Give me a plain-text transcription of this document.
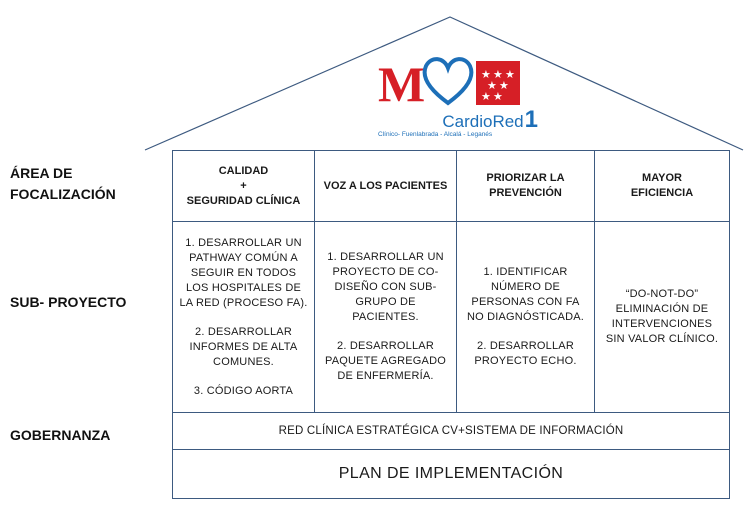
M	★ ★ ★
★ ★
★ ★
CardioRed 1
Clínico- Fuenlabrada - Alcalá - Leganés
ÁREA DE
FOCALIZACIÓN
SUB- PROYECTO
GOBERNANZA
CALIDAD
+
SEGURIDAD CLÍNICA
VOZ A LOS PACIENTES
PRIORIZAR LA
PREVENCIÓN
MAYOR
EFICIENCIA

1. DESARROLLAR UN PATHWAY COMÚN A SEGUIR EN TODOS LOS HOSPITALES DE LA RED (PROCESO FA).

2. DESARROLLAR INFORMES DE ALTA COMUNES.

3. CÓDIGO AORTA

1. DESARROLLAR UN PROYECTO DE CO-DISEÑO CON SUB-GRUPO DE PACIENTES.

2. DESARROLLAR PAQUETE AGREGADO DE ENFERMERÍA.

1. IDENTIFICAR NÚMERO DE PERSONAS CON FA NO DIAGNÓSTICADA.

2. DESARROLLAR PROYECTO ECHO.

“DO-NOT-DO” ELIMINACIÓN DE INTERVENCIONES SIN VALOR CLÍNICO.

RED CLÍNICA ESTRATÉGICA CV+SISTEMA DE INFORMACIÓN
PLAN DE IMPLEMENTACIÓN
